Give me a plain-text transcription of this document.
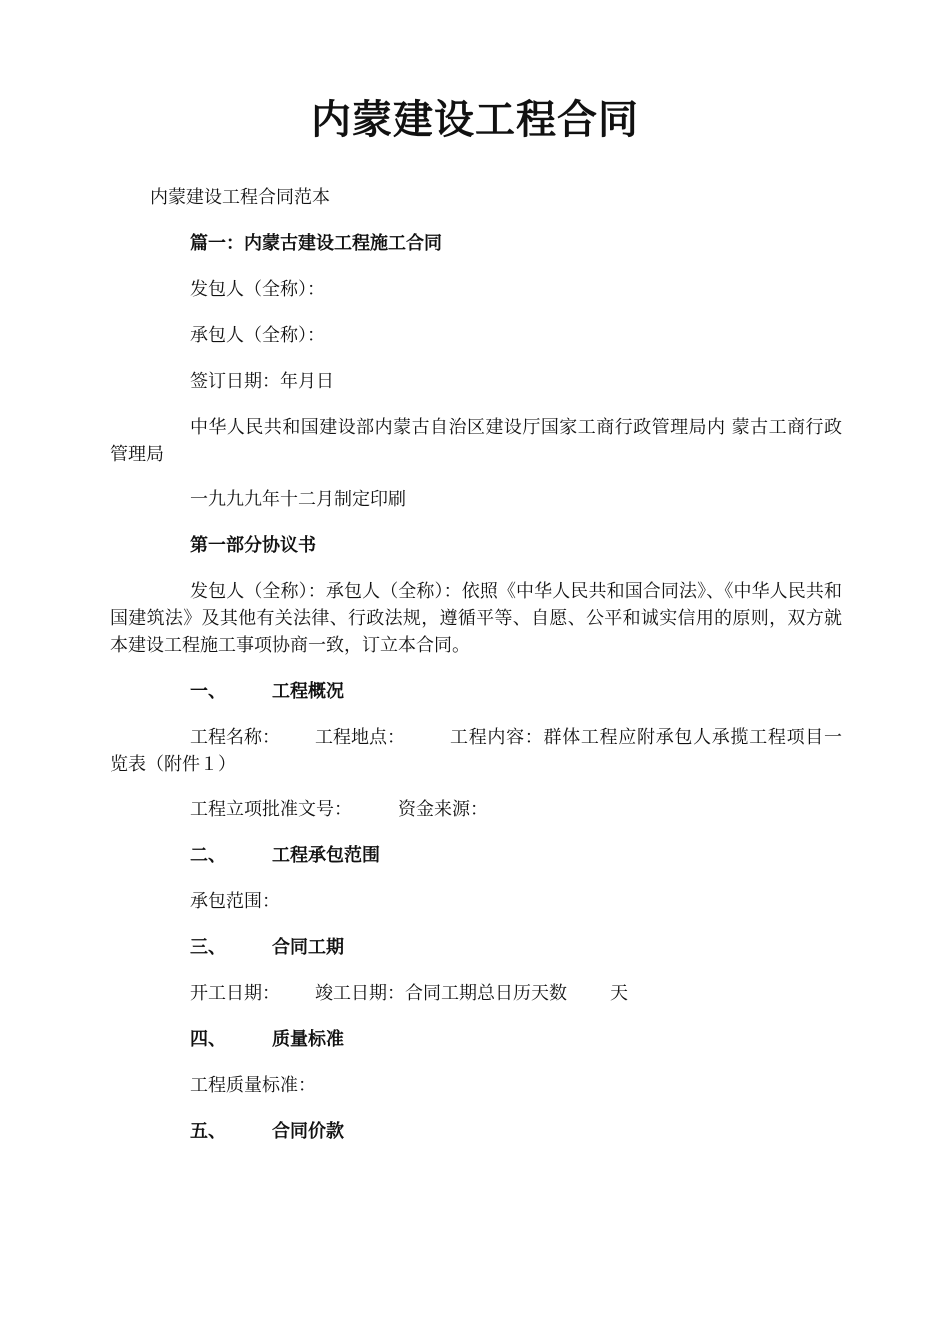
内蒙建设工程合同

内蒙建设工程合同范本

篇一：内蒙古建设工程施工合同

发包人（全称）：

承包人（全称）：

签订日期：年月日

中华人民共和国建设部内蒙古自治区建设厅国家工商行政管理局内 蒙古工商行政管理局

一九九九年十二月制定印刷

第一部分协议书

发包人（全称）：承包人（全称）：依照《中华人民共和国合同法》、《中华人民共和国建筑法》及其他有关法律、行政法规，遵循平等、自愿、公平和诚实信用的原则，双方就本建设工程施工事项协商一致，订立本合同。

一、	工程概况

工程名称： 工程地点：	工程内容：群体工程应附承包人承揽工程项目一览表（附件１）

工程立项批准文号：	资金来源：

二、	工程承包范围

承包范围：

三、	合同工期

开工日期： 竣工日期：合同工期总日历天数 天

四、	质量标准

工程质量标准：

五、	合同价款
